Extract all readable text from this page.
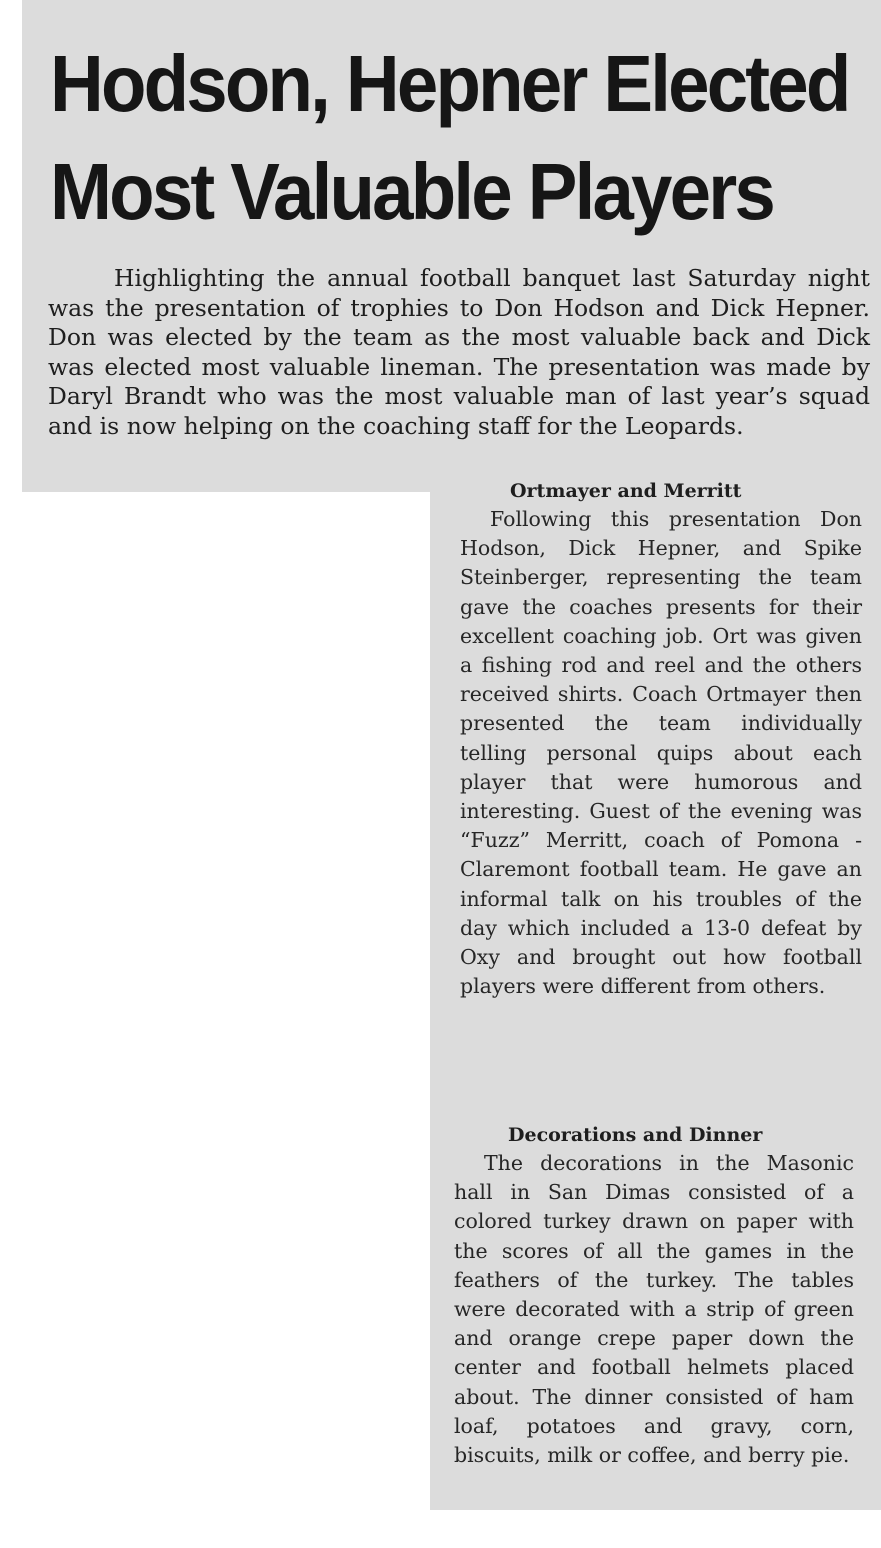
Hodson, Hepner Elected
Most Valuable Players

Highlighting the annual football banquet last Saturday night was the presentation of trophies to Don Hodson and Dick Hepner. Don was elected by the team as the most valuable back and Dick was elected most valuable lineman. The presentation was made by Daryl Brandt who was the most valuable man of last year’s squad and is now helping on the coaching staff for the Leopards.

Ortmayer and Merritt

Following this presentation Don Hodson, Dick Hepner, and Spike Steinberger, representing the team gave the coaches presents for their excellent coaching job. Ort was given a fishing rod and reel and the others received shirts. Coach Ortmayer then presented the team individually telling personal quips about each player that were humorous and interesting. Guest of the evening was “Fuzz” Merritt, coach of Pomona - Claremont football team. He gave an informal talk on his troubles of the day which included a 13-0 defeat by Oxy and brought out how football players were different from others.

Decorations and Dinner

The decorations in the Masonic hall in San Dimas consisted of a colored turkey drawn on paper with the scores of all the games in the feathers of the turkey. The tables were decorated with a strip of green and orange crepe paper down the center and football helmets placed about. The dinner consisted of ham loaf, potatoes and gravy, corn, biscuits, milk or coffee, and berry pie.
